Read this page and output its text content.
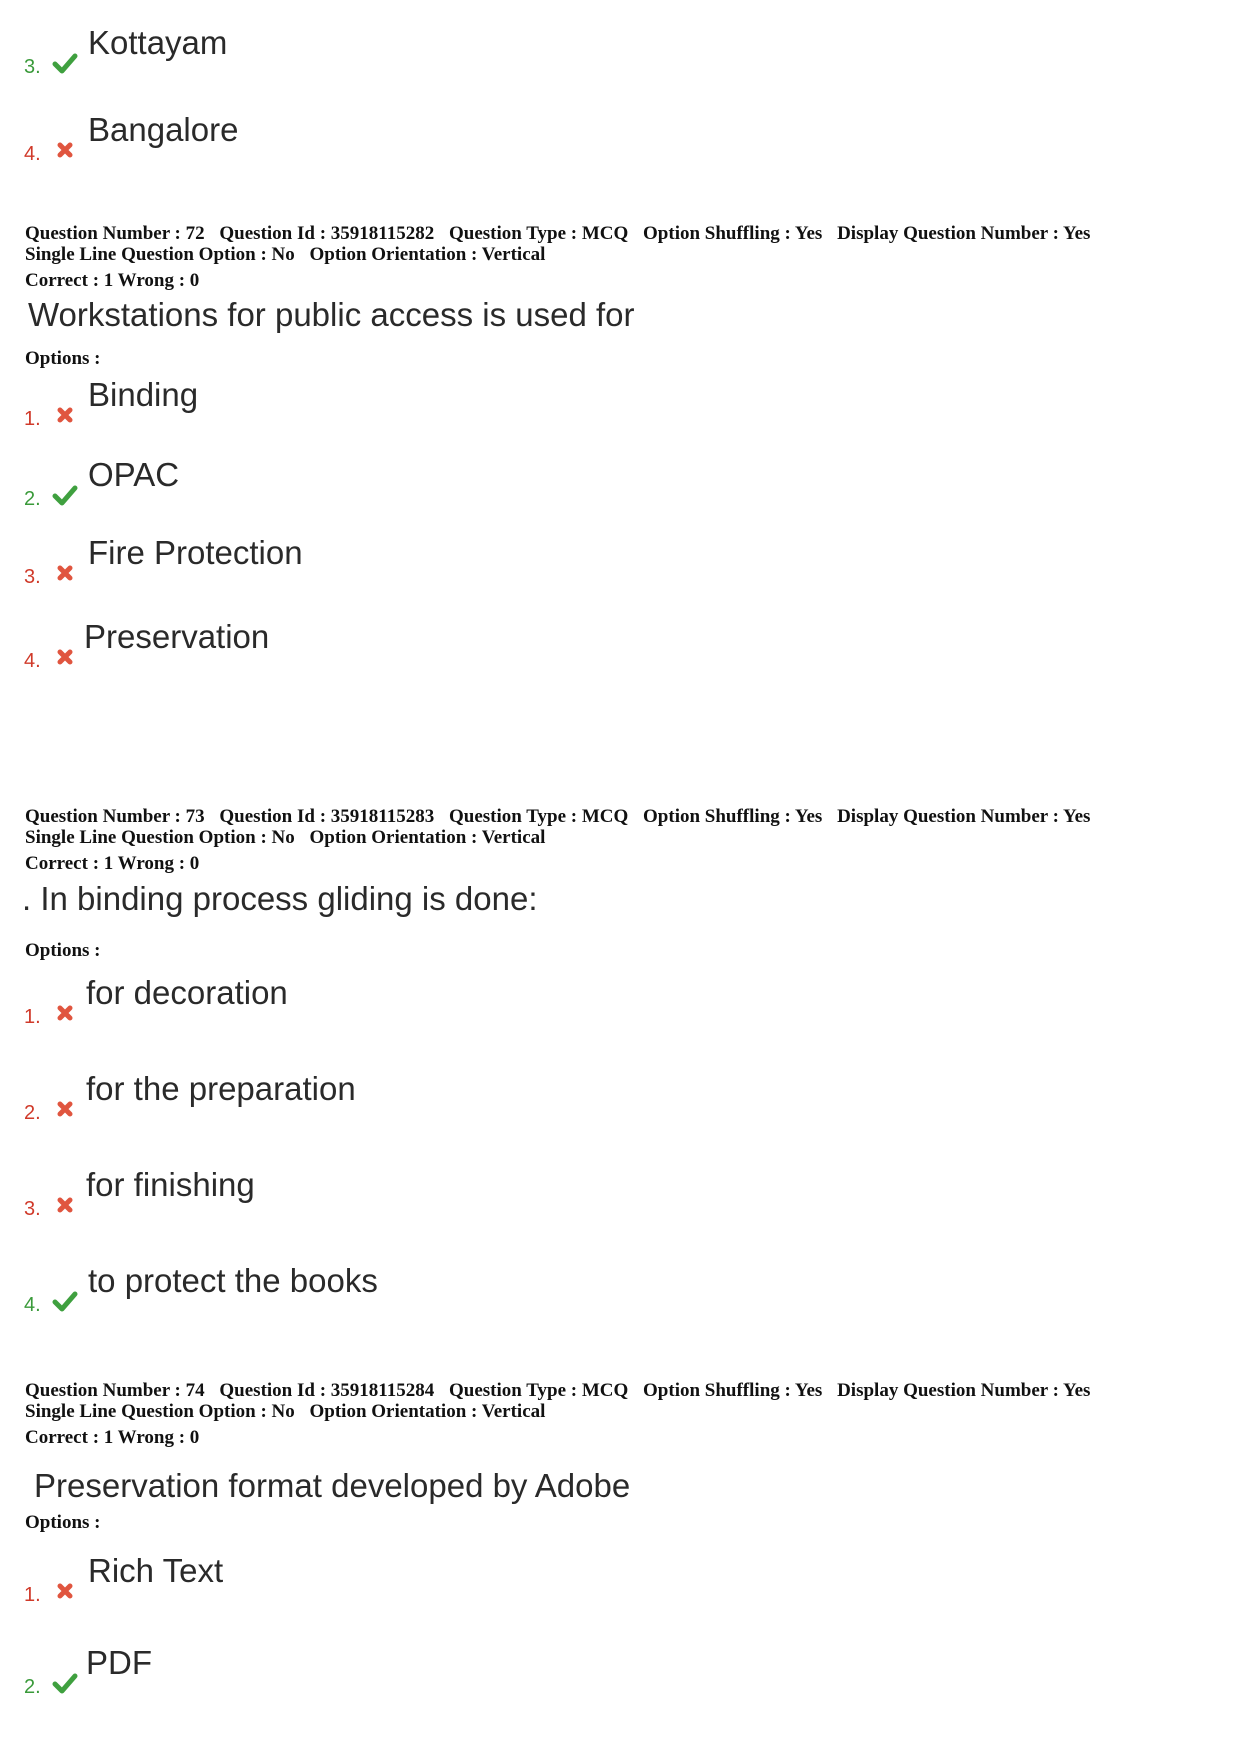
3.
Kottayam
4.
Bangalore
Question Number : 72 Question Id : 35918115282 Question Type : MCQ Option Shuffling : Yes Display Question Number : Yes
Single Line Question Option : No Option Orientation : Vertical
Correct : 1 Wrong : 0
Workstations for public access is used for
Options :
1.
Binding
2.
OPAC
3.
Fire Protection
4.
Preservation
Question Number : 73 Question Id : 35918115283 Question Type : MCQ Option Shuffling : Yes Display Question Number : Yes
Single Line Question Option : No Option Orientation : Vertical
Correct : 1 Wrong : 0
. In binding process gliding is done:
Options :
1.
for decoration
2.
for the preparation
3.
for finishing
4.
to protect the books
Question Number : 74 Question Id : 35918115284 Question Type : MCQ Option Shuffling : Yes Display Question Number : Yes
Single Line Question Option : No Option Orientation : Vertical
Correct : 1 Wrong : 0
Preservation format developed by Adobe
Options :
1.
Rich Text
2.
PDF
